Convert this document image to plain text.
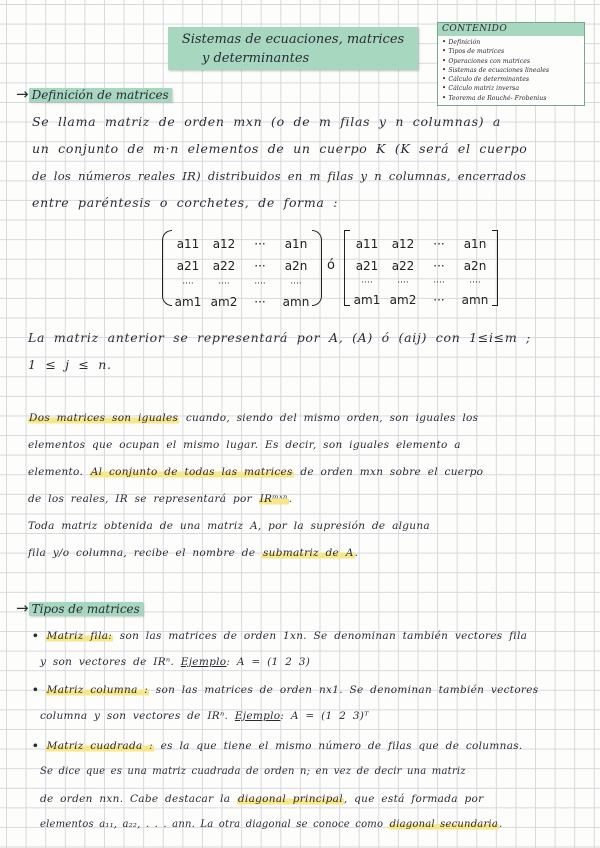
Sistemas de ecuaciones, matrices
y determinantes
CONTENIDO
• Definición
• Tipos de matrices
• Operaciones con matrices
• Sistemas de ecuaciones lineales
• Cálculo de determinantes
• Cálculo matriz inversa
• Teorema de Rouché- Frobenius
→ Definición de matrices
Se llama matriz de orden mxn (o de m filas y n columnas) a
un conjunto de m·n elementos de un cuerpo K (K será el cuerpo
de los números reales IR) distribuidos en m filas y n columnas, encerrados
entre paréntesis o corchetes, de forma :
a11	a12	···	a1n
a21	a22	···	a2n
····	····	····	····
am1	am2	···	amn
ó
a11	a12	···	a1n
a21	a22	···	a2n
····	····	····	····
am1	am2	···	amn
La matriz anterior se representará por A, (A) ó (aij) con 1≤i≤m ;
1 ≤ j ≤ n.
Dos matrices son iguales cuando, siendo del mismo orden, son iguales los
elementos que ocupan el mismo lugar. Es decir, son iguales elemento a
elemento. Al conjunto de todas las matrices de orden mxn sobre el cuerpo
de los reales, IR se representará por IRᵐˣⁿ.
Toda matriz obtenida de una matriz A, por la supresión de alguna
fila y/o columna, recibe el nombre de submatriz de A.
→ Tipos de matrices
• Matriz fila: son las matrices de orden 1xn. Se denominan también vectores fila
y son vectores de IRⁿ. Ejemplo: A = (1 2 3)
• Matriz columna : son las matrices de orden nx1. Se denominan también vectores
columna y son vectores de IRⁿ. Ejemplo: A = (1 2 3)ᵀ
• Matriz cuadrada : es la que tiene el mismo número de filas que de columnas.
Se dice que es una matriz cuadrada de orden n; en vez de decir una matriz
de orden nxn. Cabe destacar la diagonal principal, que está formada por
elementos a₁₁, a₂₂, . . . ann. La otra diagonal se conoce como diagonal secundaria.
